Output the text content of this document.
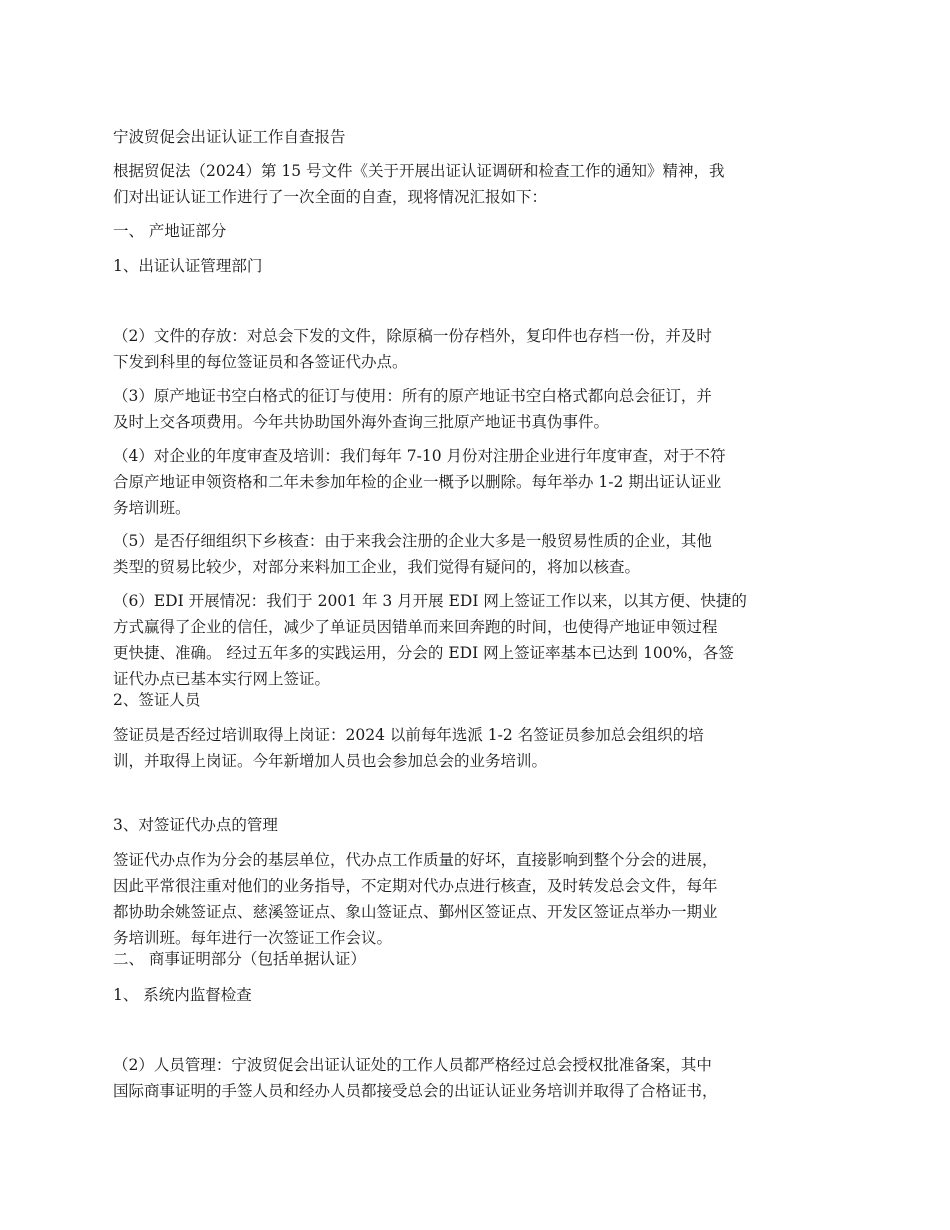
宁波贸促会出证认证工作自查报告

根据贸促法（2024）第 15 号文件《关于开展出证认证调研和检查工作的通知》精神，我
们对出证认证工作进行了一次全面的自查，现将情况汇报如下：

一、 产地证部分

1、出证认证管理部门

（2）文件的存放：对总会下发的文件，除原稿一份存档外，复印件也存档一份，并及时
下发到科里的每位签证员和各签证代办点。

（3）原产地证书空白格式的征订与使用：所有的原产地证书空白格式都向总会征订，并
及时上交各项费用。今年共协助国外海外查询三批原产地证书真伪事件。

（4）对企业的年度审查及培训：我们每年 7-10 月份对注册企业进行年度审查，对于不符
合原产地证申领资格和二年未参加年检的企业一概予以删除。每年举办 1-2 期出证认证业
务培训班。

（5）是否仔细组织下乡核查：由于来我会注册的企业大多是一般贸易性质的企业，其他
类型的贸易比较少，对部分来料加工企业，我们觉得有疑问的，将加以核查。

（6）EDI 开展情况：我们于 2001 年 3 月开展 EDI 网上签证工作以来，以其方便、快捷的
方式赢得了企业的信任，减少了单证员因错单而来回奔跑的时间，也使得产地证申领过程
更快捷、准确。 经过五年多的实践运用，分会的 EDI 网上签证率基本已达到 100%，各签
证代办点已基本实行网上签证。

2、签证人员

签证员是否经过培训取得上岗证：2024 以前每年选派 1-2 名签证员参加总会组织的培
训，并取得上岗证。今年新增加人员也会参加总会的业务培训。

3、对签证代办点的管理

签证代办点作为分会的基层单位，代办点工作质量的好坏，直接影响到整个分会的进展，
因此平常很注重对他们的业务指导，不定期对代办点进行核查，及时转发总会文件，每年
都协助余姚签证点、慈溪签证点、象山签证点、鄞州区签证点、开发区签证点举办一期业
务培训班。每年进行一次签证工作会议。

二、 商事证明部分（包括单据认证）

1、 系统内监督检查

（2）人员管理：宁波贸促会出证认证处的工作人员都严格经过总会授权批准备案，其中
国际商事证明的手签人员和经办人员都接受总会的出证认证业务培训并取得了合格证书，
